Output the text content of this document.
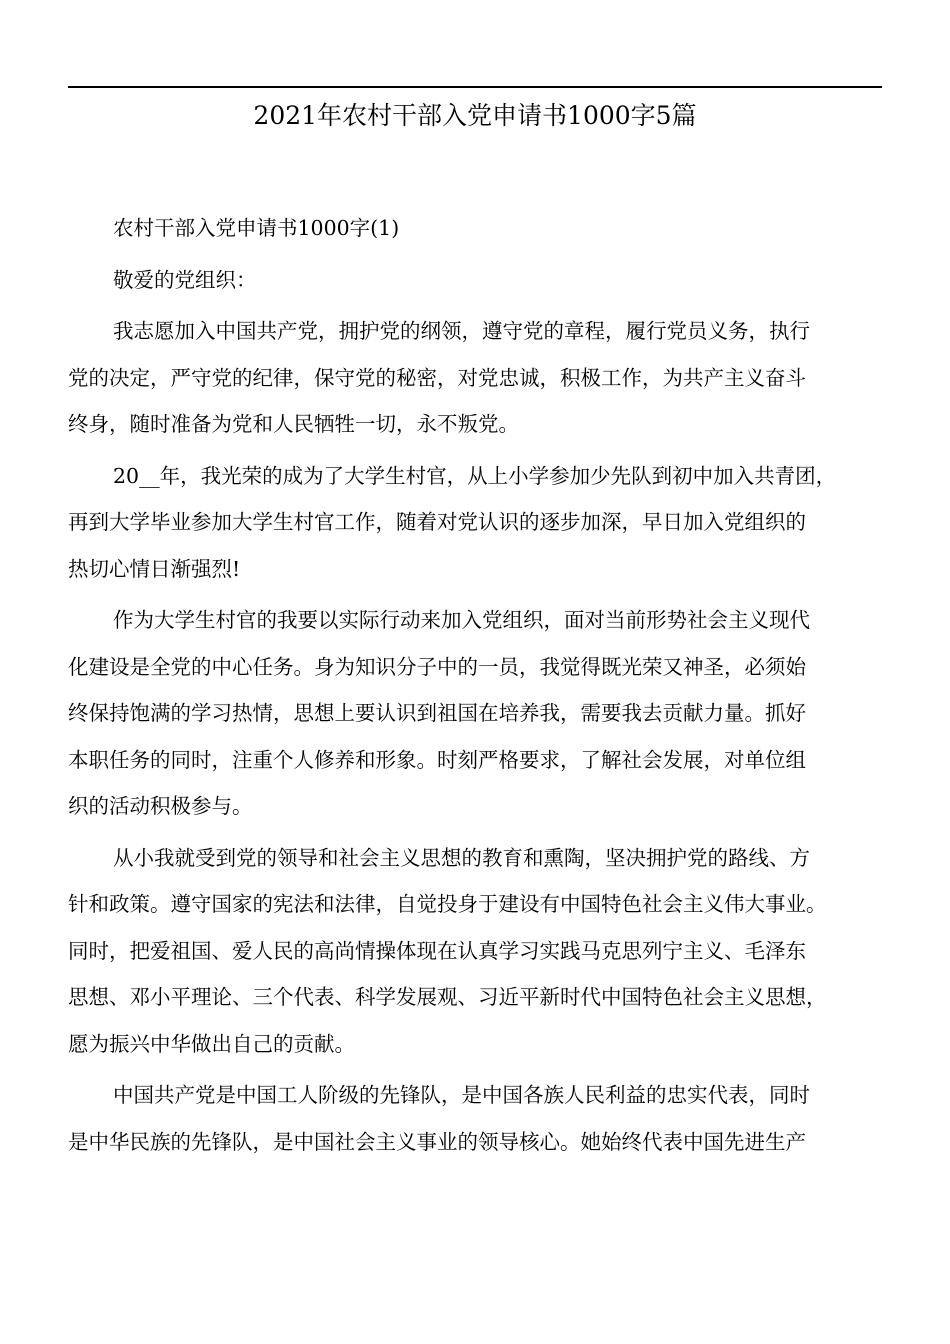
2021年农村干部入党申请书1000字5篇
农村干部入党申请书1000字(1)
敬爱的党组织：
我志愿加入中国共产党，拥护党的纲领，遵守党的章程，履行党员义务，执行
党的决定，严守党的纪律，保守党的秘密，对党忠诚，积极工作，为共产主义奋斗
终身，随时准备为党和人民牺牲一切，永不叛党。
20__年，我光荣的成为了大学生村官，从上小学参加少先队到初中加入共青团，
再到大学毕业参加大学生村官工作，随着对党认识的逐步加深，早日加入党组织的
热切心情日渐强烈!
作为大学生村官的我要以实际行动来加入党组织，面对当前形势社会主义现代
化建设是全党的中心任务。身为知识分子中的一员，我觉得既光荣又神圣，必须始
终保持饱满的学习热情，思想上要认识到祖国在培养我，需要我去贡献力量。抓好
本职任务的同时，注重个人修养和形象。时刻严格要求，了解社会发展，对单位组
织的活动积极参与。
从小我就受到党的领导和社会主义思想的教育和熏陶，坚决拥护党的路线、方
针和政策。遵守国家的宪法和法律，自觉投身于建设有中国特色社会主义伟大事业。
同时，把爱祖国、爱人民的高尚情操体现在认真学习实践马克思列宁主义、毛泽东
思想、邓小平理论、三个代表、科学发展观、习近平新时代中国特色社会主义思想，
愿为振兴中华做出自己的贡献。
中国共产党是中国工人阶级的先锋队，是中国各族人民利益的忠实代表，同时
是中华民族的先锋队，是中国社会主义事业的领导核心。她始终代表中国先进生产
